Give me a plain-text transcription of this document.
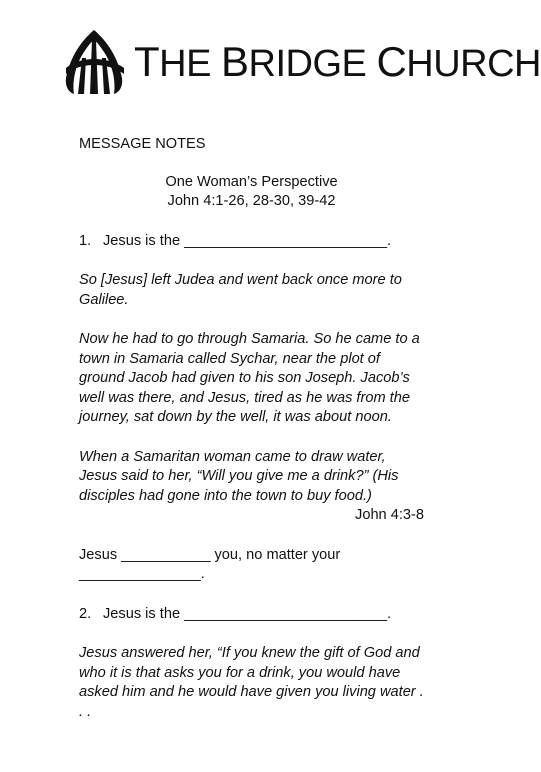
THE BRIDGE CHURCH
MESSAGE NOTES
One Woman’s Perspective
John 4:1-26, 28-30, 39-42
1. Jesus is the _________________________.
So [Jesus] left Judea and went back once more to Galilee.
Now he had to go through Samaria. So he came to a town in Samaria called Sychar, near the plot of ground Jacob had given to his son Joseph. Jacob’s well was there, and Jesus, tired as he was from the journey, sat down by the well, it was about noon.
When a Samaritan woman came to draw water, Jesus said to her, “Will you give me a drink?” (His disciples had gone into the town to buy food.)
John 4:3-8
Jesus ___________ you, no matter your _______________.
2. Jesus is the _________________________.
Jesus answered her, “If you knew the gift of God and who it is that asks you for a drink, you would have asked him and he would have given you living water . . .
